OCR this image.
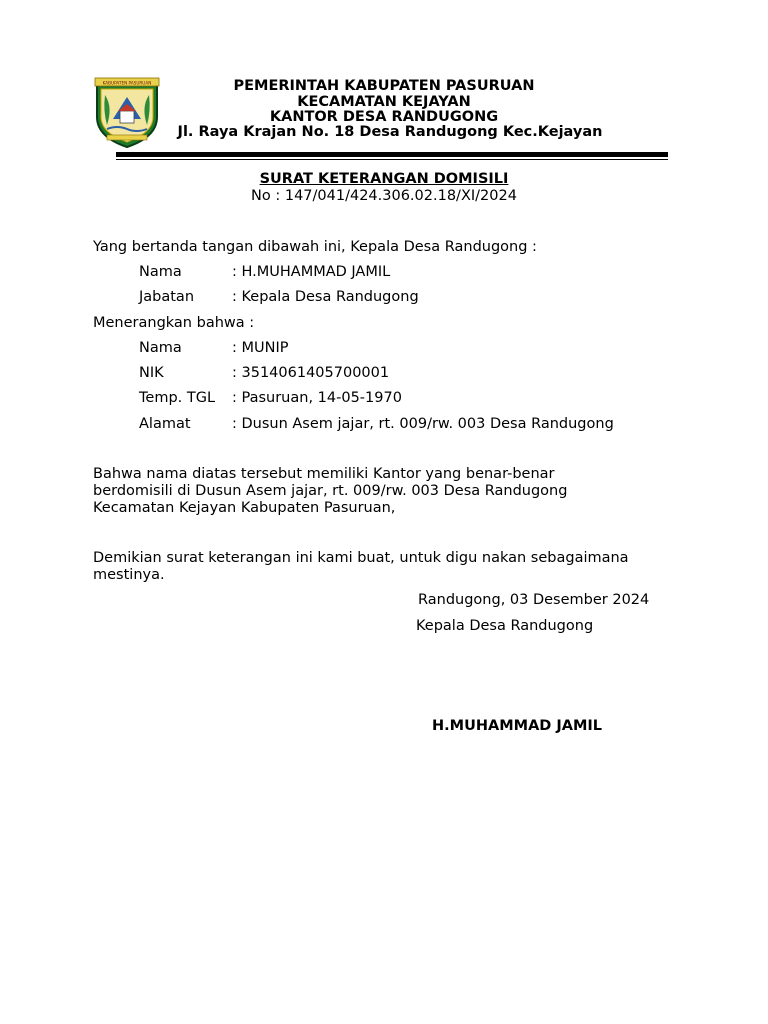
KABUPATEN PASURUAN	PEMERINTAH KABUPATEN PASURUAN
KECAMATAN KEJAYAN
KANTOR DESA RANDUGONG
Jl. Raya Krajan No. 18 Desa Randugong Kec.Kejayan
SURAT KETERANGAN DOMISILI
No : 147/041/424.306.02.18/XI/2024
Yang bertanda tangan dibawah ini, Kepala Desa Randugong :
Nama	: H.MUHAMMAD JAMIL
Jabatan	: Kepala Desa Randugong
Menerangkan bahwa :
Nama	: MUNIP
NIK	: 3514061405700001
Temp. TGL : Pasuruan, 14-05-1970
Alamat	: Dusun Asem jajar, rt. 009/rw. 003 Desa Randugong
Bahwa nama diatas tersebut memiliki Kantor yang benar-benar
berdomisili di Dusun Asem jajar, rt. 009/rw. 003 Desa Randugong
Kecamatan Kejayan Kabupaten Pasuruan,
Demikian surat keterangan ini kami buat, untuk digu nakan sebagaimana
mestinya.
Randugong, 03 Desember 2024
Kepala Desa Randugong
H.MUHAMMAD JAMIL
